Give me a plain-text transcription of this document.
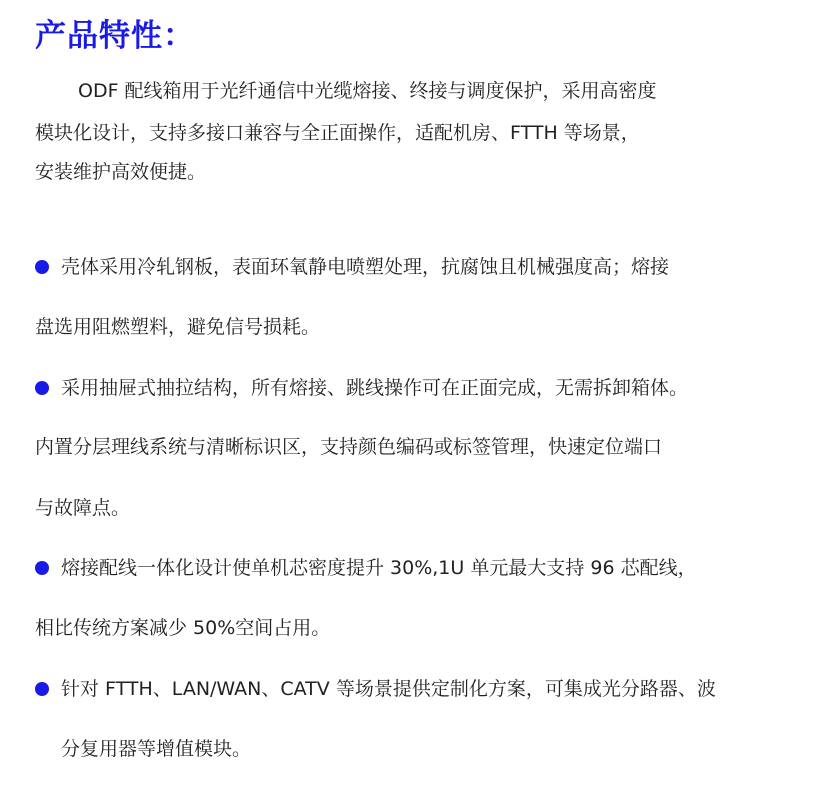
产品特性：
ODF 配线箱用于光纤通信中光缆熔接、终接与调度保护，采用高密度
模块化设计，支持多接口兼容与全正面操作，适配机房、FTTH 等场景，
安装维护高效便捷。
壳体采用冷轧钢板，表面环氧静电喷塑处理，抗腐蚀且机械强度高；熔接
盘选用阻燃塑料，避免信号损耗。
采用抽屉式抽拉结构，所有熔接、跳线操作可在正面完成，无需拆卸箱体。
内置分层理线系统与清晰标识区，支持颜色编码或标签管理，快速定位端口
与故障点。
熔接配线一体化设计使单机芯密度提升 30%,1U 单元最大支持 96 芯配线，
相比传统方案减少 50%空间占用。
针对 FTTH、LAN/WAN、CATV 等场景提供定制化方案，可集成光分路器、波
分复用器等增值模块。
